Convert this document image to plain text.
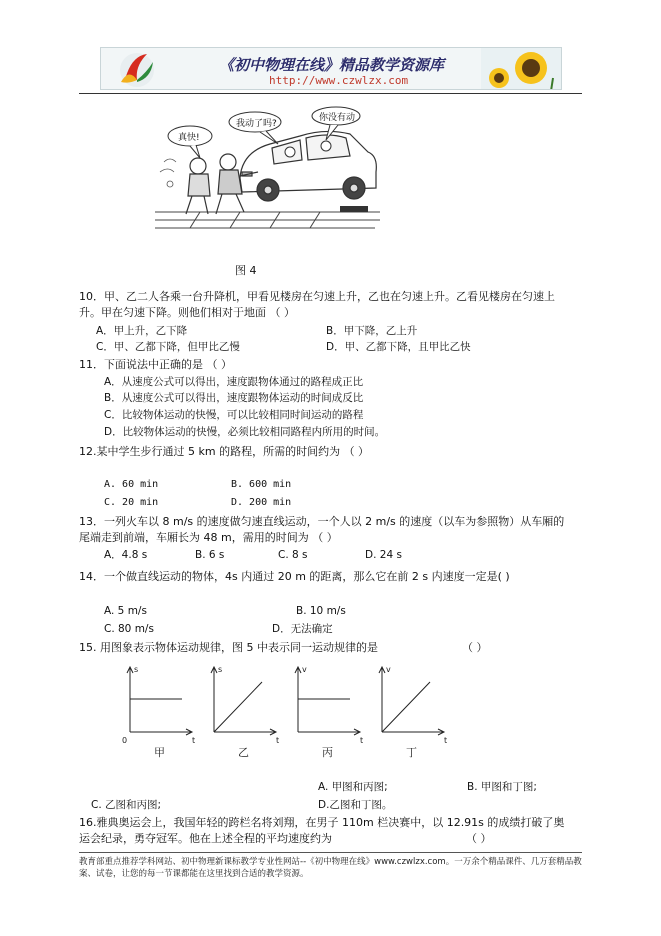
《初中物理在线》精品教学资源库
http://www.czwlzx.com
真快!
我动了吗?
你没有动
图 4
10．甲、乙二人各乘一台升降机，甲看见楼房在匀速上升，乙也在匀速上升。乙看见楼房在匀速上
升。甲在匀速下降。则他们相对于地面 （ ）
A．甲上升，乙下降	B．甲下降，乙上升
C．甲、乙都下降，但甲比乙慢	D．甲、乙都下降，且甲比乙快
11．下面说法中正确的是 （ ）
A．从速度公式可以得出，速度跟物体通过的路程成正比
B．从速度公式可以得出，速度跟物体运动的时间成反比
C．比较物体运动的快慢，可以比较相同时间运动的路程
D．比较物体运动的快慢，必须比较相同路程内所用的时间。
12.某中学生步行通过 5 km 的路程，所需的时间约为 （ ）
A. 60 min	B. 600 min
C. 20 min	D. 200 min
13．一列火车以 8 m/s 的速度做匀速直线运动，一个人以 2 m/s 的速度（以车为参照物）从车厢的
尾端走到前端，车厢长为 48 m，需用的时间为 （ ）
A．4.8 s	B. 6 s	C. 8 s	D. 24 s
14．一个做直线运动的物体，4s 内通过 20 m 的距离，那么它在前 2 s 内速度一定是( )
A. 5 m/s	B. 10 m/s
C. 80 m/s	D．无法确定
15. 用图象表示物体运动规律，图 5 中表示同一运动规律的是	（ ）
s
t
0
甲
s
t
乙
v
t
丙
v
t
丁
A. 甲图和丙图;	B. 甲图和丁图;
C. 乙图和丙图;	D.乙图和丁图。
16.雅典奥运会上，我国年轻的跨栏名将刘翔，在男子 110m 栏决赛中，以 12.91s 的成绩打破了奥
运会纪录，勇夺冠军。他在上述全程的平均速度约为	（ ）
教育部重点推荐学科网站、初中物理新课标教学专业性网站--《初中物理在线》www.czwlzx.com。一万余个精品课件、几万套精品教案、试卷，让您的每一节课都能在这里找到合适的教学资源。
